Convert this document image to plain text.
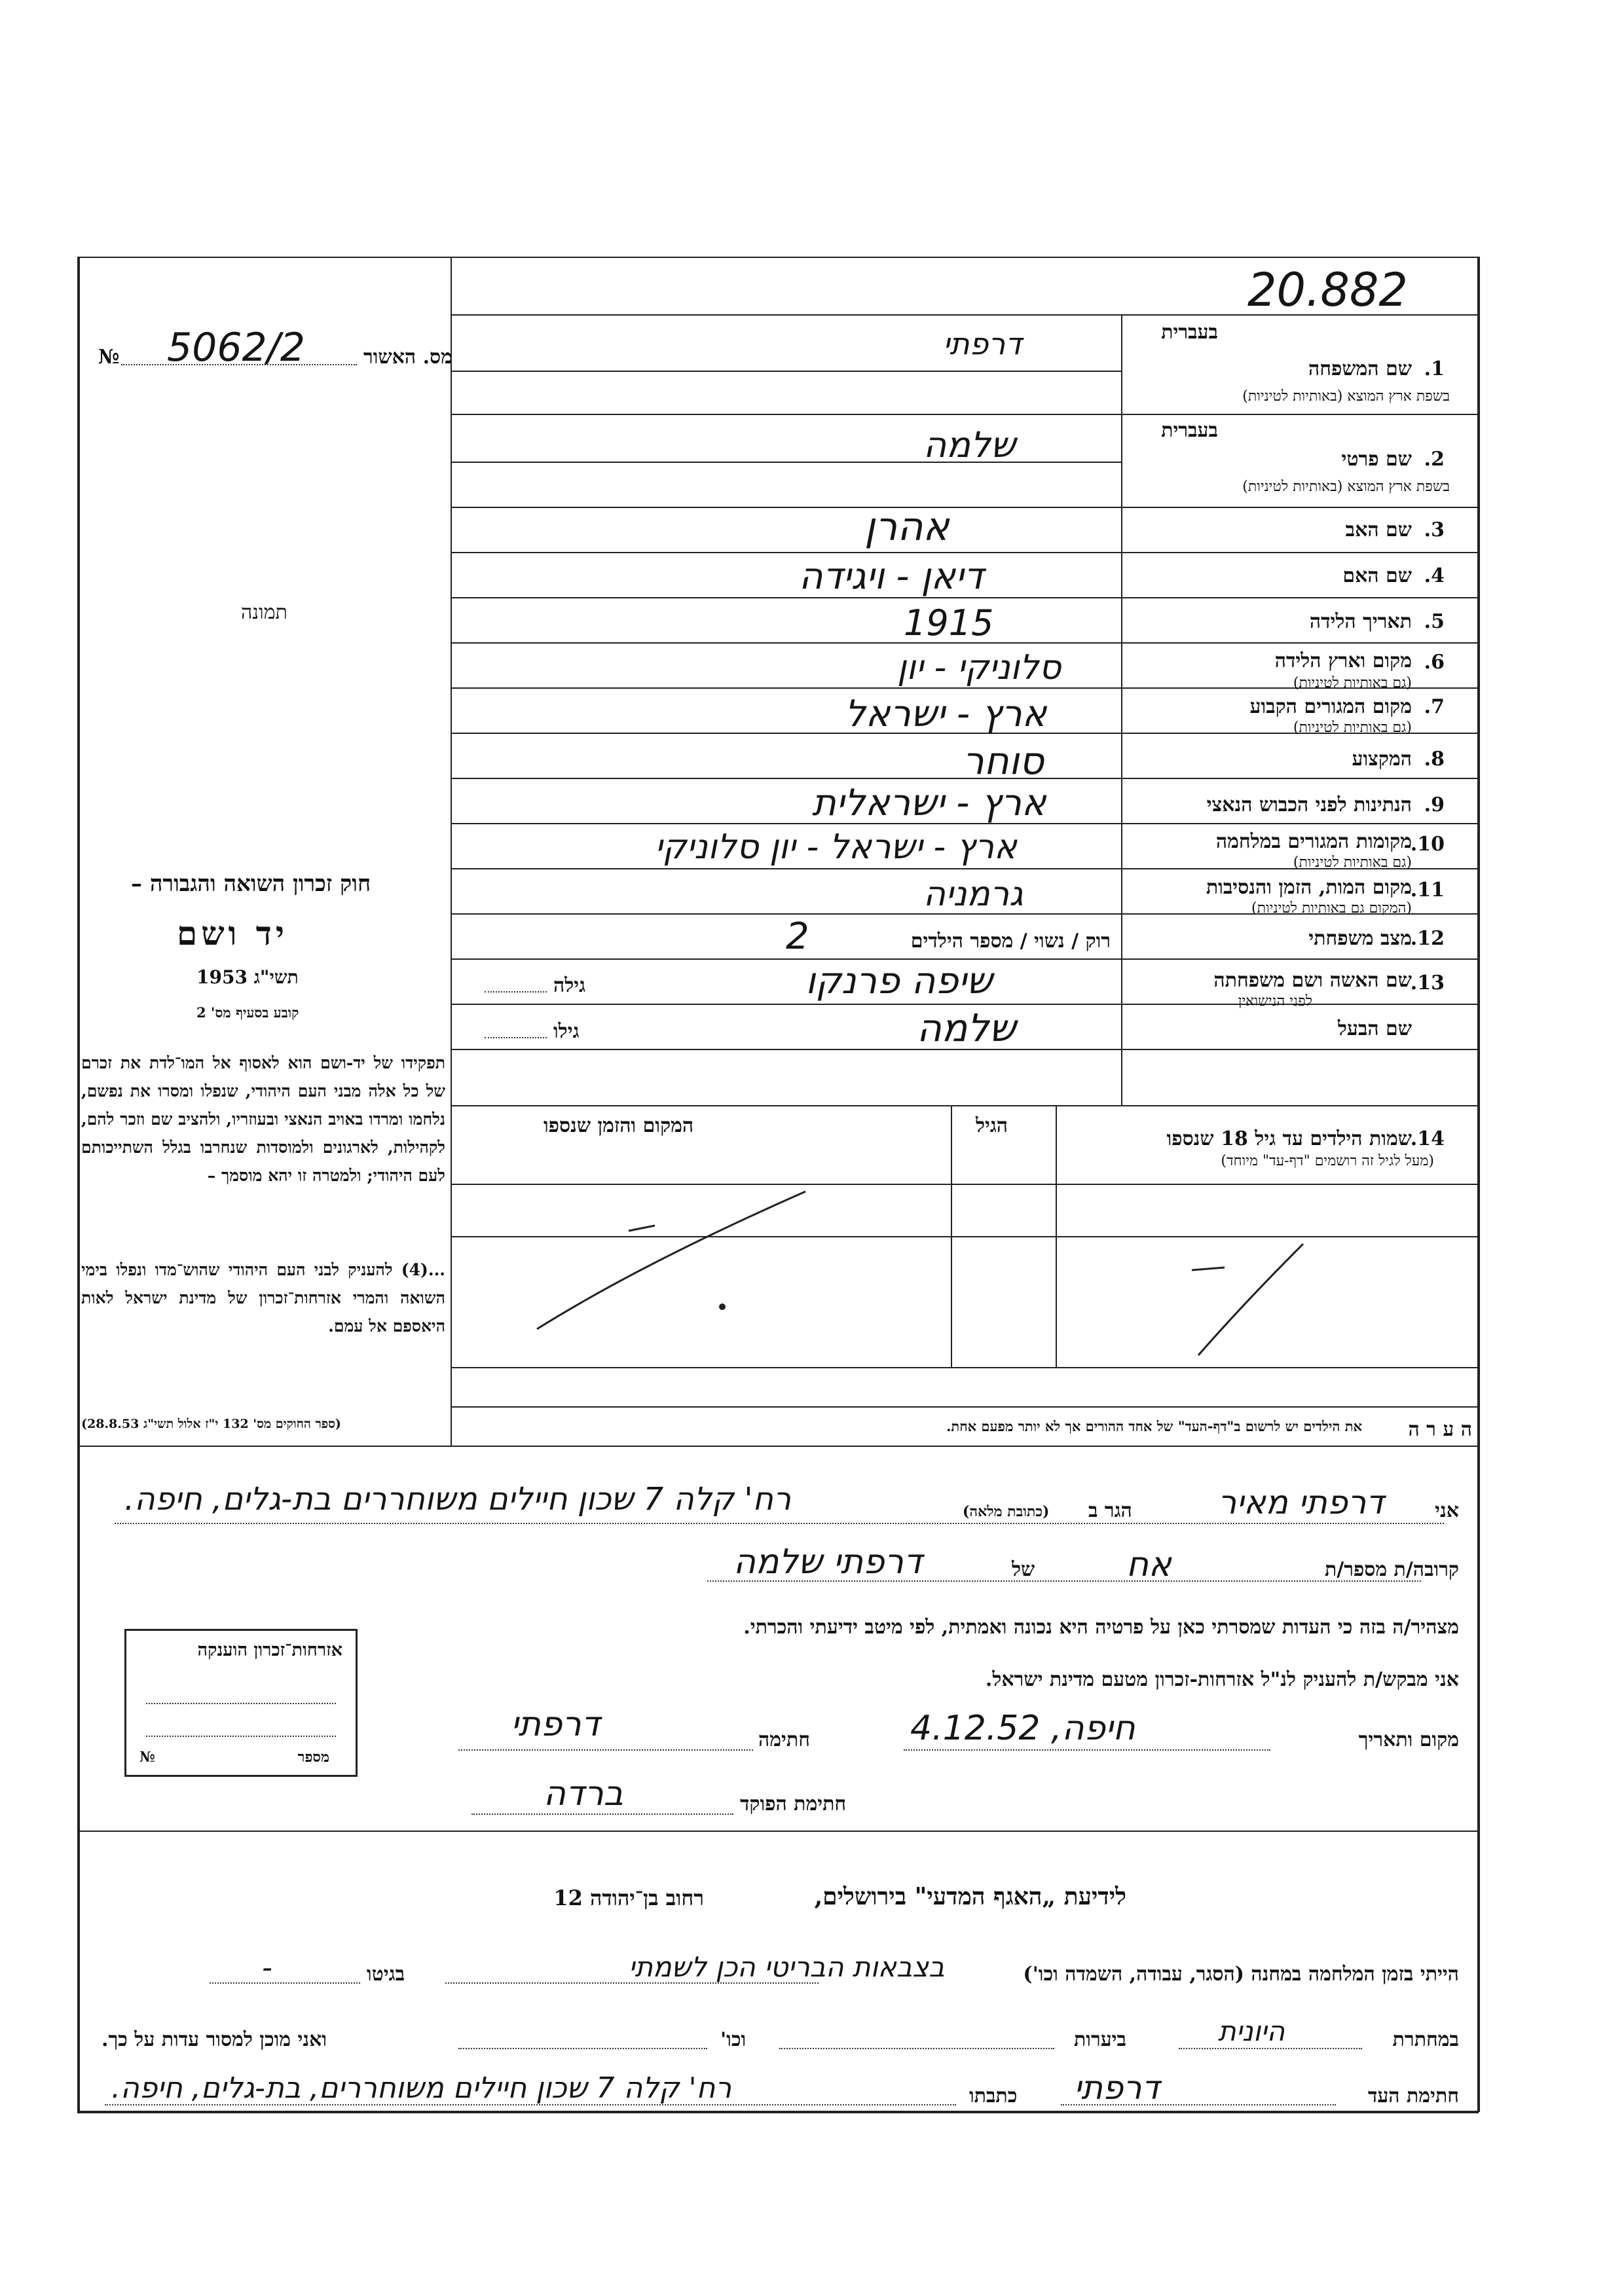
20.882
מס. האשור
5062/2
№
תמונה
בעברית
1.
שם המשפחה
בשפת ארץ המוצא (באותיות לטיניות)
דרפתי
בעברית
2.
שם פרטי
בשפת ארץ המוצא (באותיות לטיניות)
שלמה
3.
שם האב
אהרן
4.
שם האם
דיאן - ויגידה
5.
תאריך הלידה
1915
6.
מקום וארץ הלידה
(גם באותיות לטיניות)
סלוניקי - יון
7.
מקום המגורים הקבוע
(גם באותיות לטיניות)
ארץ - ישראל
8.
המקצוע
סוחר
9.
הנתינות לפני הכבוש הנאצי
ארץ - ישראלית
10.
מקומות המגורים במלחמה
(גם באותיות לטיניות)
ארץ - ישראל - יון סלוניקי
11.
מקום המות, הזמן והנסיבות
(המקום גם באותיות לטיניות)
גרמניה
12.
מצב משפחתי
רוק / נשוי / מספר הילדים
2
13.
שם האשה ושם משפחתה
לפני הנישואין
שיפה פרנקו
גילה
שם הבעל
שלמה
גילו
14.
שמות הילדים עד גיל 18 שנספו
(מעל לגיל זה רושמים "דף-עד" מיוחד)
הגיל
המקום והזמן שנספו
ה ע ר ה
את הילדים יש לרשום ב"דף-העד" של אחד ההורים אך לא יותר מפעם אחת.
חוק זכרון השואה והגבורה –
יד ושם
תשי"ג 1953
קובע בסעיף מס' 2
תפקידו של יד-ושם הוא לאסוף אל המו־לדת את זכרם של כל אלה מבני העם היהודי, שנפלו ומסרו את נפשם, נלחמו ומרדו באויב הנאצי ובעוזריו, ולהציב שם וזכר להם, לקהילות, לארגונים ולמוסדות שנחרבו בגלל השתייכותם לעם היהודי; ולמטרה זו יהא מוסמך –
...(4) להעניק לבני העם היהודי שהוש־מדו ונפלו בימי השואה והמרי אזרחות־זכרון של מדינת ישראל לאות היאספם אל עמם.
(ספר החוקים מס' 132 י"ז אלול תשי"ג 28.8.53)
אני
דרפתי מאיר
הגר ב
(כתובת מלאה)
רח' קלה 7 שכון חיילים משוחררים בת-גלים, חיפה.
קרובה/ת מספר/ת
אח
של
דרפתי שלמה
מצהיר/ה בזה כי העדות שמסרתי כאן על פרטיה היא נכונה ואמתית, לפי מיטב ידיעתי והכרתי.
אני מבקש/ת להעניק לנ"ל אזרחות-זכרון מטעם מדינת ישראל.
מקום ותאריך
חיפה, 4.12.52
חתימה
דרפתי
חתימת הפוקד
ברדה
אזרחות־זכרון הוענקה
מספר
№
לידיעת „האגף המדעי" בירושלים,
רחוב בן־יהודה 12
הייתי בזמן המלחמה במחנה (הסגר, עבודה, השמדה וכו')
בצבאות הבריטי הכן לשמתי
בגיטו
-
במחתרת
היונית
ביערות
וכו'
ואני מוכן למסור עדות על כך.
חתימת העד
דרפתי
כתבתו
רח' קלה 7 שכון חיילים משוחררים, בת-גלים, חיפה.
